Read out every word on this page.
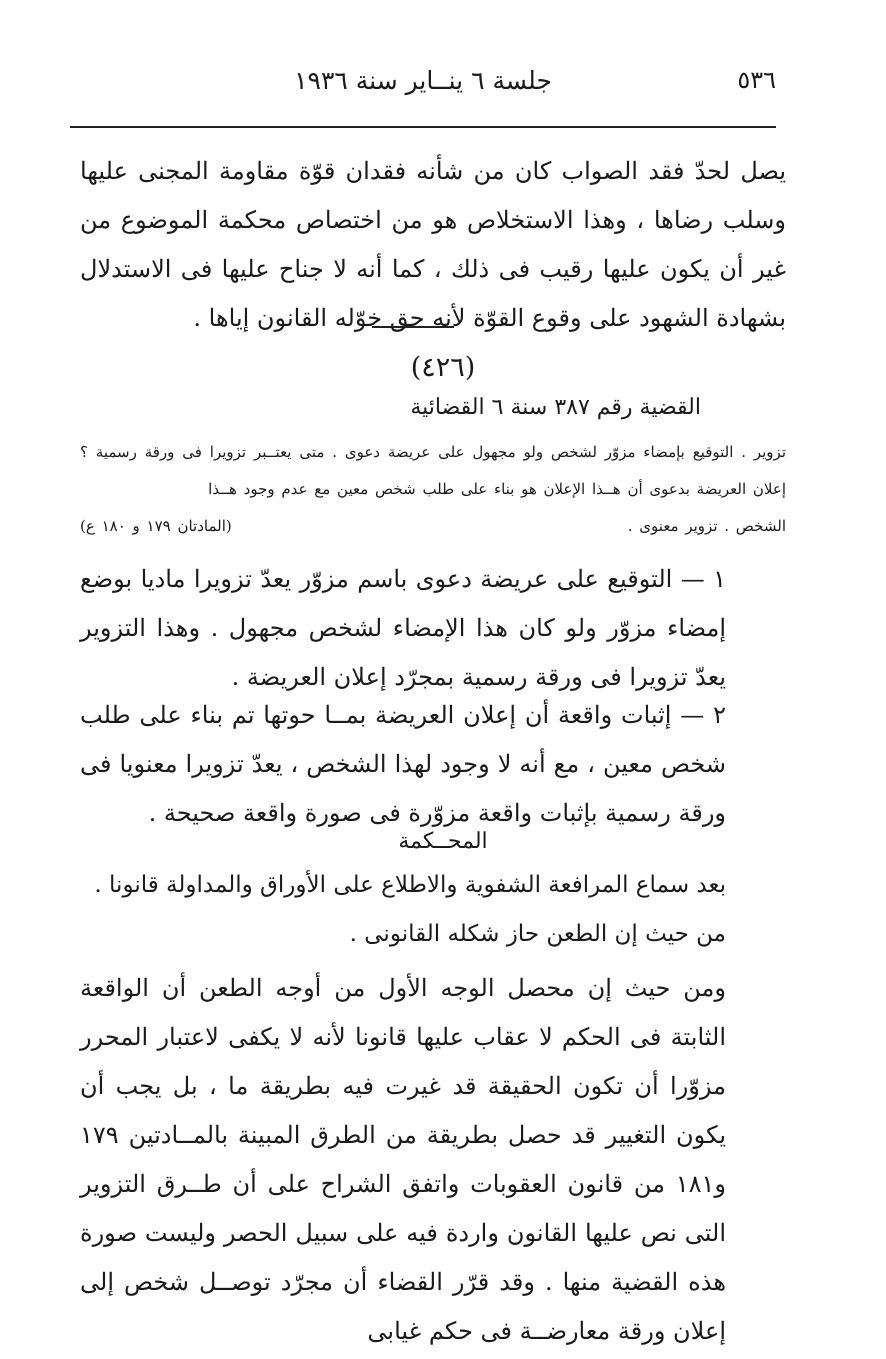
٥٣٦
جلسة ٦ ينــاير سنة ١٩٣٦

يصل لحدّ فقد الصواب كان من شأنه فقدان قوّة مقاومة المجنى عليها وسلب رضاها ، وهذا الاستخلاص هو من اختصاص محكمة الموضوع من غير أن يكون عليها رقيب فى ذلك ، كما أنه لا جناح عليها فى الاستدلال بشهادة الشهود على وقوع القوّة لأنه حق خوّله القانون إياها .

(٤٢٦)
القضية رقم ٣٨٧ سنة ٦ القضائية
تزوير . التوقيع بإمضاء مزوّر لشخص ولو مجهول على عريضة دعوى . متى يعتــبر تزويرا فى ورقة رسمية ؟ إعلان العريضة بدعوى أن هــذا الإعلان هو بناء على طلب شخص معين مع عدم وجود هــذا
الشخص . تزوير معنوى .
(المادتان ١٧٩ و ١٨٠ ع)

١ — التوقيع على عريضة دعوى باسم مزوّر يعدّ تزويرا ماديا بوضع إمضاء مزوّر ولو كان هذا الإمضاء لشخص مجهول . وهذا التزوير يعدّ تزويرا فى ورقة رسمية بمجرّد إعلان العريضة .

٢ — إثبات واقعة أن إعلان العريضة بمــا حوتها تم بناء على طلب شخص معين ، مع أنه لا وجود لهذا الشخص ، يعدّ تزويرا معنويا فى ورقة رسمية بإثبات واقعة مزوّرة فى صورة واقعة صحيحة .

المحــكمة
بعد سماع المرافعة الشفوية والاطلاع على الأوراق والمداولة قانونا .
من حيث إن الطعن حاز شكله القانونى .

ومن حيث إن محصل الوجه الأول من أوجه الطعن أن الواقعة الثابتة فى الحكم لا عقاب عليها قانونا لأنه لا يكفى لاعتبار المحرر مزوّرا أن تكون الحقيقة قد غيرت فيه بطريقة ما ، بل يجب أن يكون التغيير قد حصل بطريقة من الطرق المبينة بالمــادتين ١٧٩ و١٨١ من قانون العقوبات واتفق الشراح على أن طــرق التزوير التى نص عليها القانون واردة فيه على سبيل الحصر وليست صورة هذه القضية منها . وقد قرّر القضاء أن مجرّد توصــل شخص إلى إعلان ورقة معارضــة فى حكم غيابى
